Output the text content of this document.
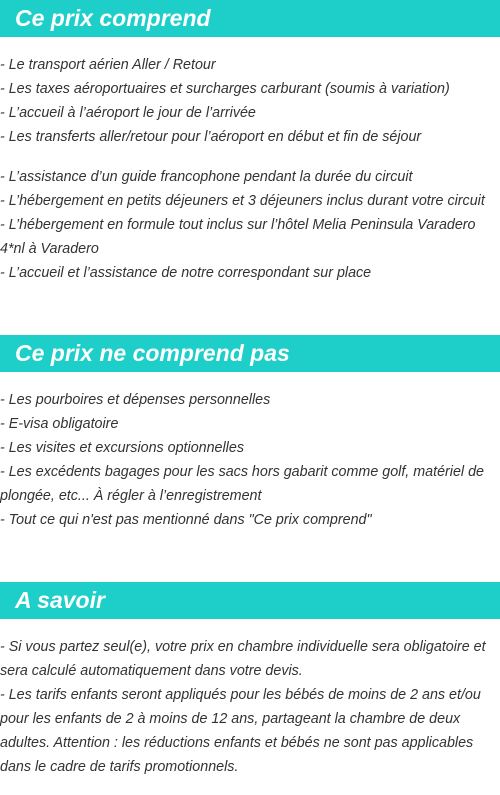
Ce prix comprend
- Le transport aérien Aller / Retour
- Les taxes aéroportuaires et surcharges carburant (soumis à variation)
- L’accueil à l’aéroport le jour de l’arrivée
- Les transferts aller/retour pour l’aéroport en début et fin de séjour
- L’assistance d’un guide francophone pendant la durée du circuit
- L’hébergement en petits déjeuners et 3 déjeuners inclus durant votre circuit
- L’hébergement en formule tout inclus sur l’hôtel Melia Peninsula Varadero 4*nl à Varadero
- L’accueil et l’assistance de notre correspondant sur place
Ce prix ne comprend pas
- Les pourboires et dépenses personnelles
- E-visa obligatoire
- Les visites et excursions optionnelles
- Les excédents bagages pour les sacs hors gabarit comme golf, matériel de plongée, etc... À régler à l’enregistrement
- Tout ce qui n'est pas mentionné dans "Ce prix comprend"
A savoir
- Si vous partez seul(e), votre prix en chambre individuelle sera obligatoire et sera calculé automatiquement dans votre devis.
- Les tarifs enfants seront appliqués pour les bébés de moins de 2 ans et/ou pour les enfants de 2 à moins de 12 ans, partageant la chambre de deux adultes. Attention : les réductions enfants et bébés ne sont pas applicables dans le cadre de tarifs promotionnels.
